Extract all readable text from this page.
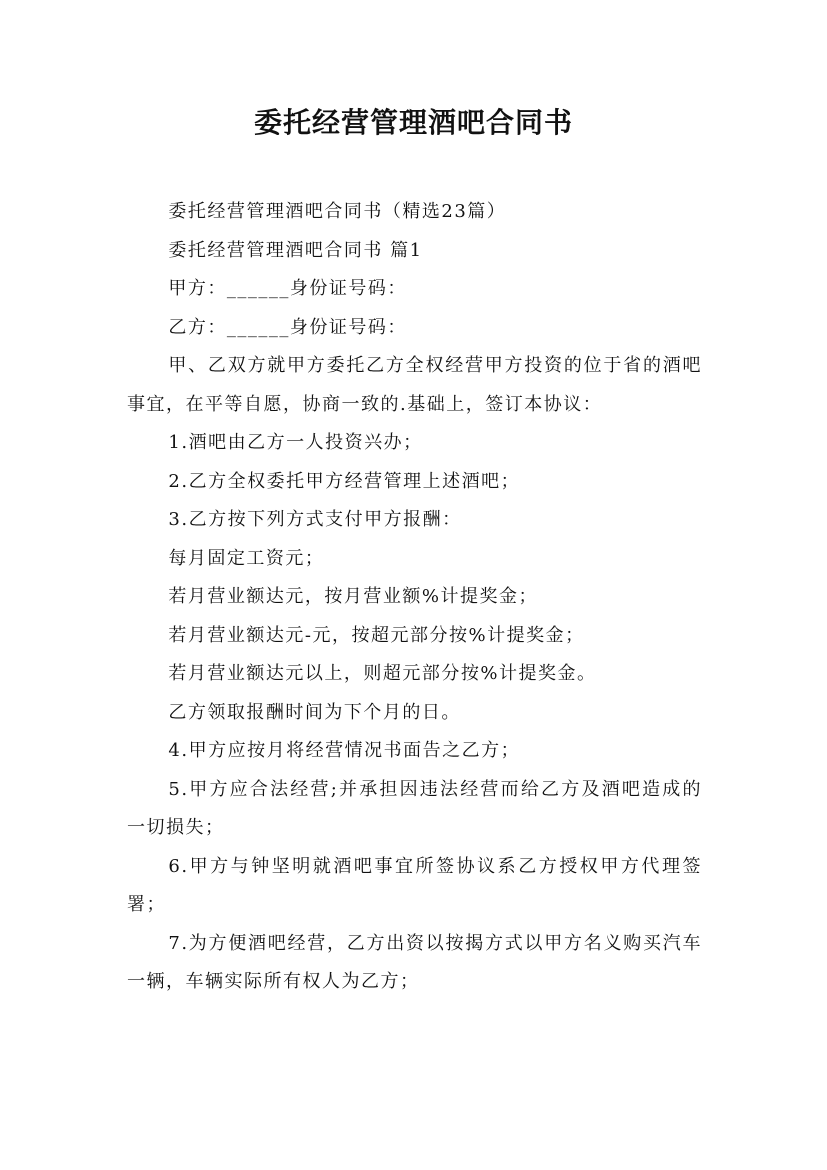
委托经营管理酒吧合同书

委托经营管理酒吧合同书（精选23篇）

委托经营管理酒吧合同书 篇1

甲方：______身份证号码：

乙方：______身份证号码：

甲、乙双方就甲方委托乙方全权经营甲方投资的位于省的酒吧事宜，在平等自愿，协商一致的.基础上，签订本协议：

1.酒吧由乙方一人投资兴办；

2.乙方全权委托甲方经营管理上述酒吧；

3.乙方按下列方式支付甲方报酬：

每月固定工资元；

若月营业额达元，按月营业额%计提奖金；

若月营业额达元-元，按超元部分按%计提奖金；

若月营业额达元以上，则超元部分按%计提奖金。

乙方领取报酬时间为下个月的日。

4.甲方应按月将经营情况书面告之乙方；

5.甲方应合法经营;并承担因违法经营而给乙方及酒吧造成的一切损失；

6.甲方与钟坚明就酒吧事宜所签协议系乙方授权甲方代理签署；

7.为方便酒吧经营，乙方出资以按揭方式以甲方名义购买汽车一辆，车辆实际所有权人为乙方；
